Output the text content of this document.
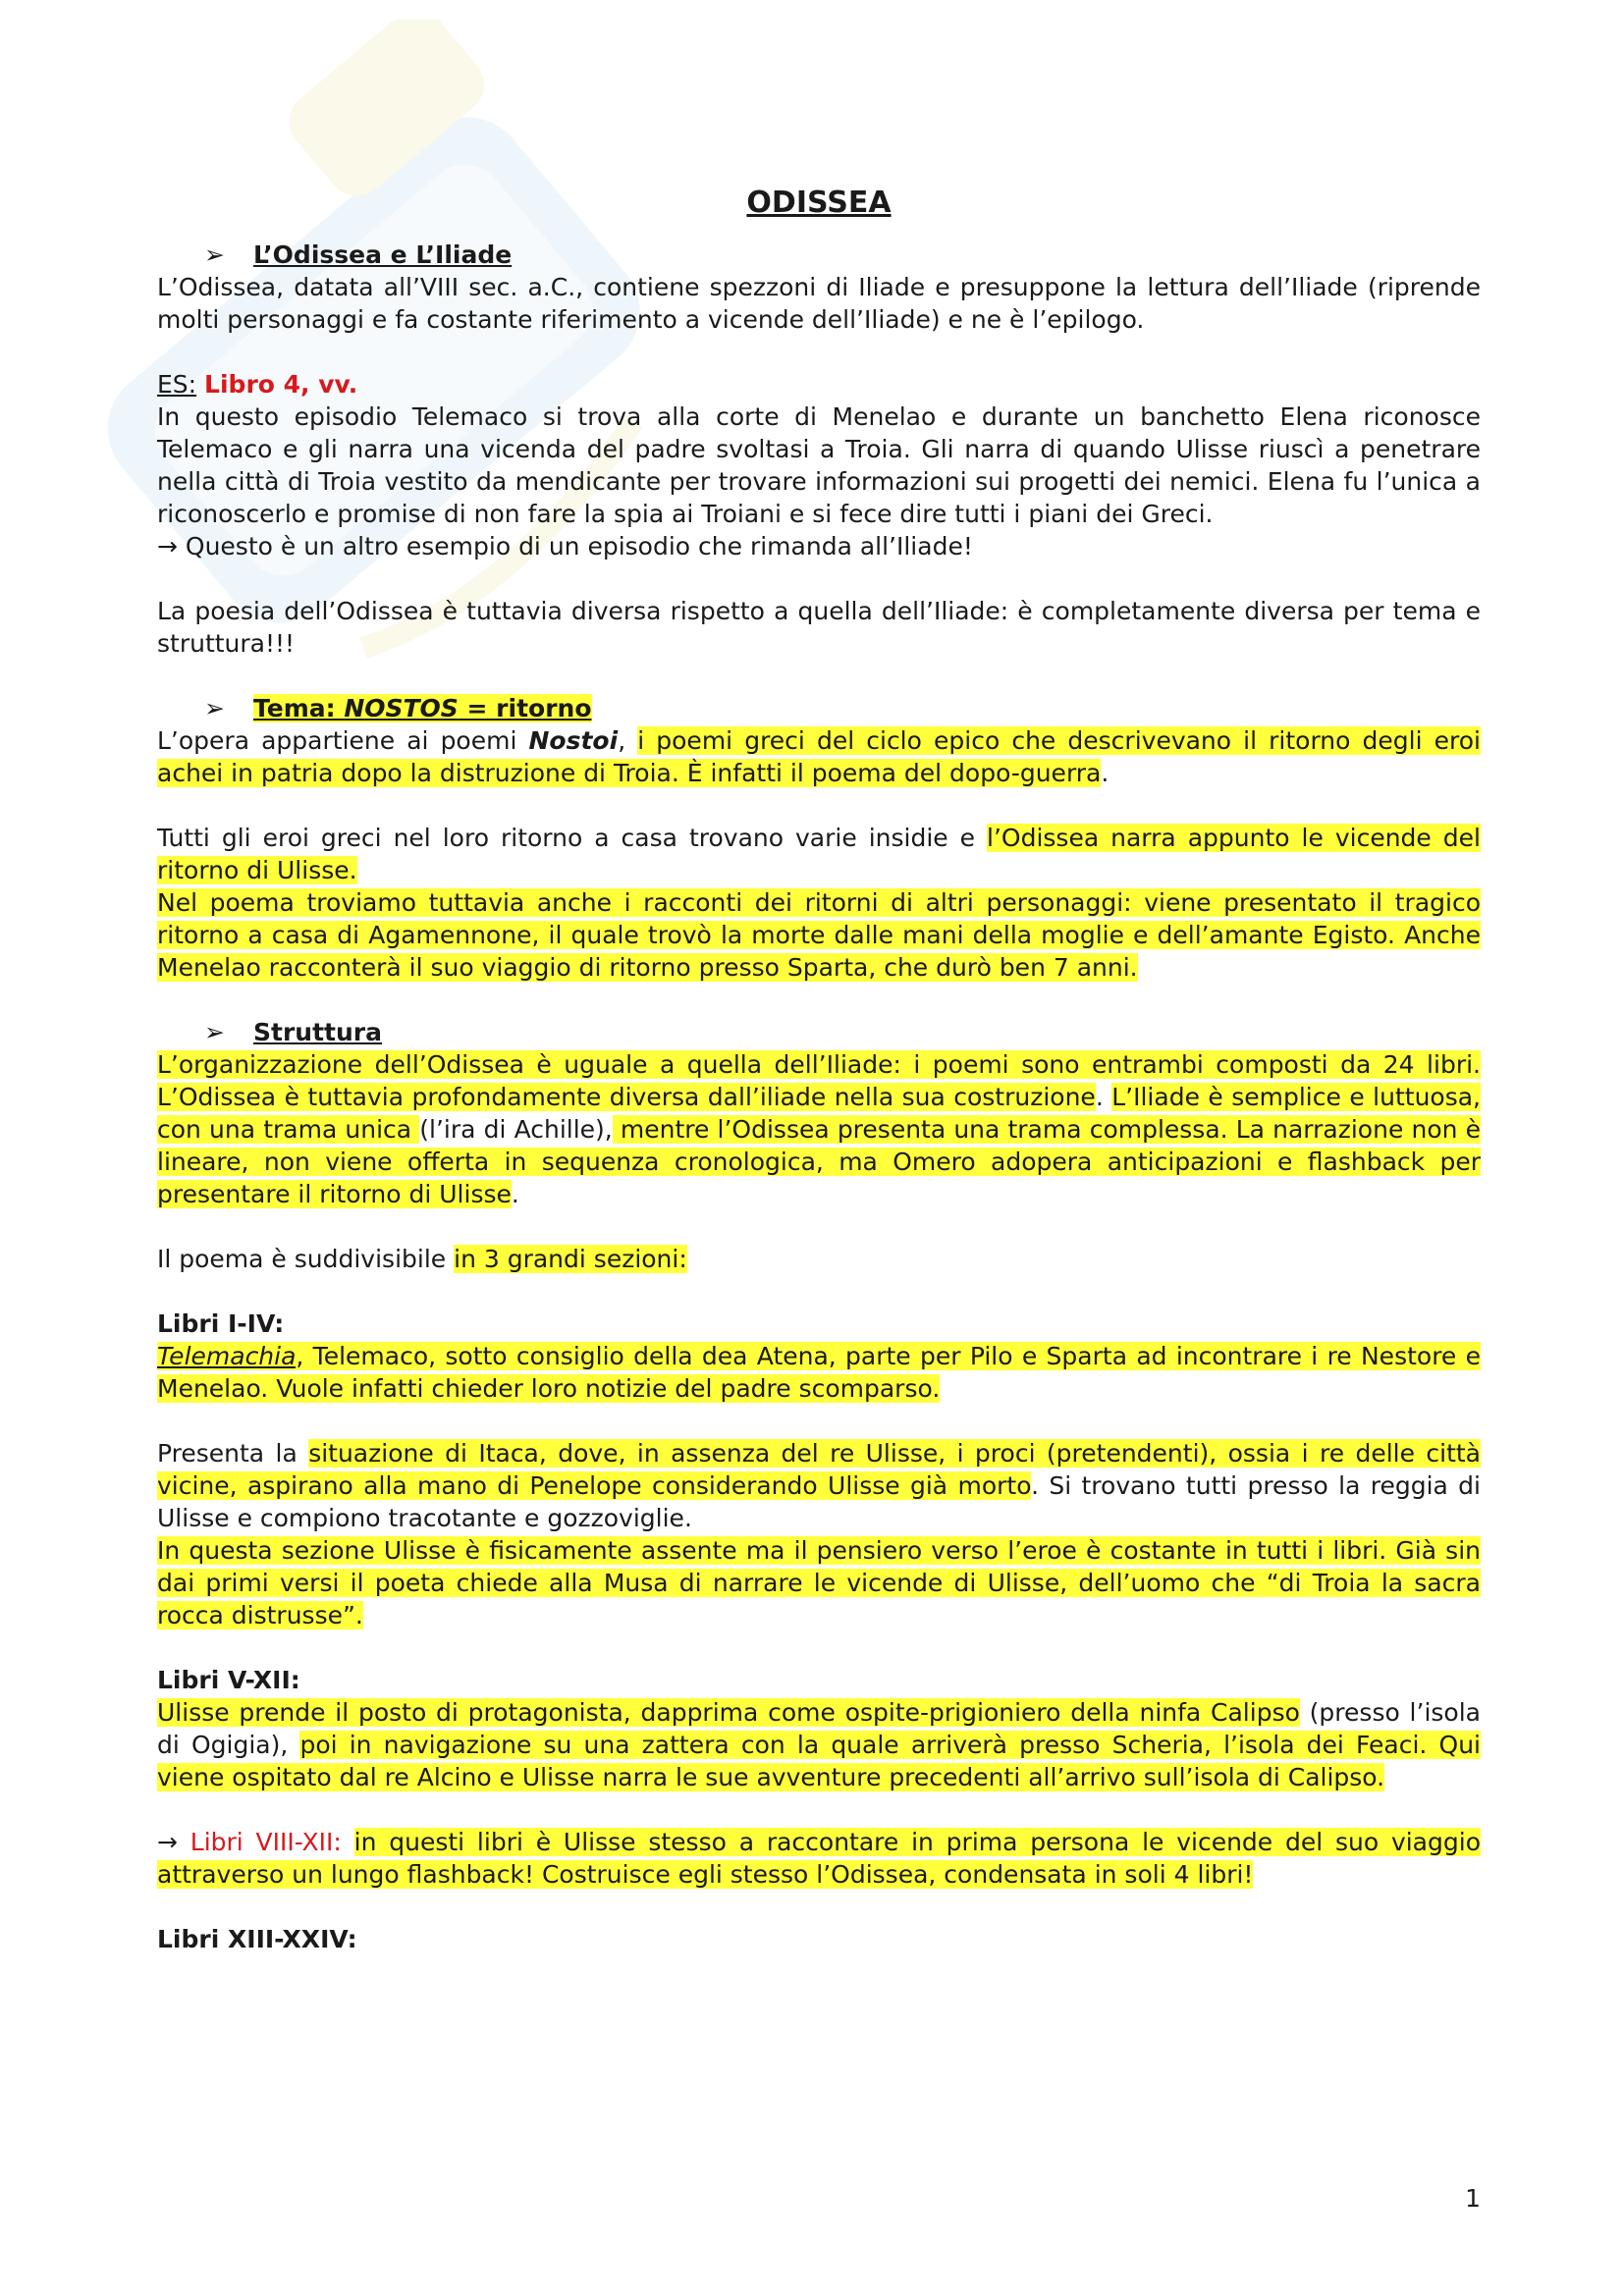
ODISSEA
➢ L’Odissea e L’Iliade

L’Odissea, datata all’VIII sec. a.C., contiene spezzoni di Iliade e presuppone la lettura dell’Iliade (riprende molti personaggi e fa costante riferimento a vicende dell’Iliade) e ne è l’epilogo.

ES: Libro 4, vv.

In questo episodio Telemaco si trova alla corte di Menelao e durante un banchetto Elena riconosce Telemaco e gli narra una vicenda del padre svoltasi a Troia. Gli narra di quando Ulisse riuscì a penetrare nella città di Troia vestito da mendicante per trovare informazioni sui progetti dei nemici. Elena fu l’unica a riconoscerlo e promise di non fare la spia ai Troiani e si fece dire tutti i piani dei Greci.

→ Questo è un altro esempio di un episodio che rimanda all’Iliade!

La poesia dell’Odissea è tuttavia diversa rispetto a quella dell’Iliade: è completamente diversa per tema e struttura!!!

➢ Tema: NOSTOS = ritorno

L’opera appartiene ai poemi Nostoi, i poemi greci del ciclo epico che descrivevano il ritorno degli eroi achei in patria dopo la distruzione di Troia. È infatti il poema del dopo-guerra.

Tutti gli eroi greci nel loro ritorno a casa trovano varie insidie e l’Odissea narra appunto le vicende del ritorno di Ulisse.

Nel poema troviamo tuttavia anche i racconti dei ritorni di altri personaggi: viene presentato il tragico ritorno a casa di Agamennone, il quale trovò la morte dalle mani della moglie e dell’amante Egisto. Anche Menelao racconterà il suo viaggio di ritorno presso Sparta, che durò ben 7 anni.

➢ Struttura

L’organizzazione dell’Odissea è uguale a quella dell’Iliade: i poemi sono entrambi composti da 24 libri. L’Odissea è tuttavia profondamente diversa dall’iliade nella sua costruzione. L’Iliade è semplice e luttuosa, con una trama unica (l’ira di Achille), mentre l’Odissea presenta una trama complessa. La narrazione non è lineare, non viene offerta in sequenza cronologica, ma Omero adopera anticipazioni e flashback per presentare il ritorno di Ulisse.

Il poema è suddivisibile in 3 grandi sezioni:

Libri I-IV:

Telemachia, Telemaco, sotto consiglio della dea Atena, parte per Pilo e Sparta ad incontrare i re Nestore e Menelao. Vuole infatti chieder loro notizie del padre scomparso.

Presenta la situazione di Itaca, dove, in assenza del re Ulisse, i proci (pretendenti), ossia i re delle città vicine, aspirano alla mano di Penelope considerando Ulisse già morto. Si trovano tutti presso la reggia di Ulisse e compiono tracotante e gozzoviglie.

In questa sezione Ulisse è fisicamente assente ma il pensiero verso l’eroe è costante in tutti i libri. Già sin dai primi versi il poeta chiede alla Musa di narrare le vicende di Ulisse, dell’uomo che “di Troia la sacra rocca distrusse”.

Libri V-XII:

Ulisse prende il posto di protagonista, dapprima come ospite-prigioniero della ninfa Calipso (presso l’isola di Ogigia), poi in navigazione su una zattera con la quale arriverà presso Scheria, l’isola dei Feaci. Qui viene ospitato dal re Alcino e Ulisse narra le sue avventure precedenti all’arrivo sull’isola di Calipso.

→ Libri VIII-XII: in questi libri è Ulisse stesso a raccontare in prima persona le vicende del suo viaggio attraverso un lungo flashback! Costruisce egli stesso l’Odissea, condensata in soli 4 libri!

Libri XIII-XXIV:

1
